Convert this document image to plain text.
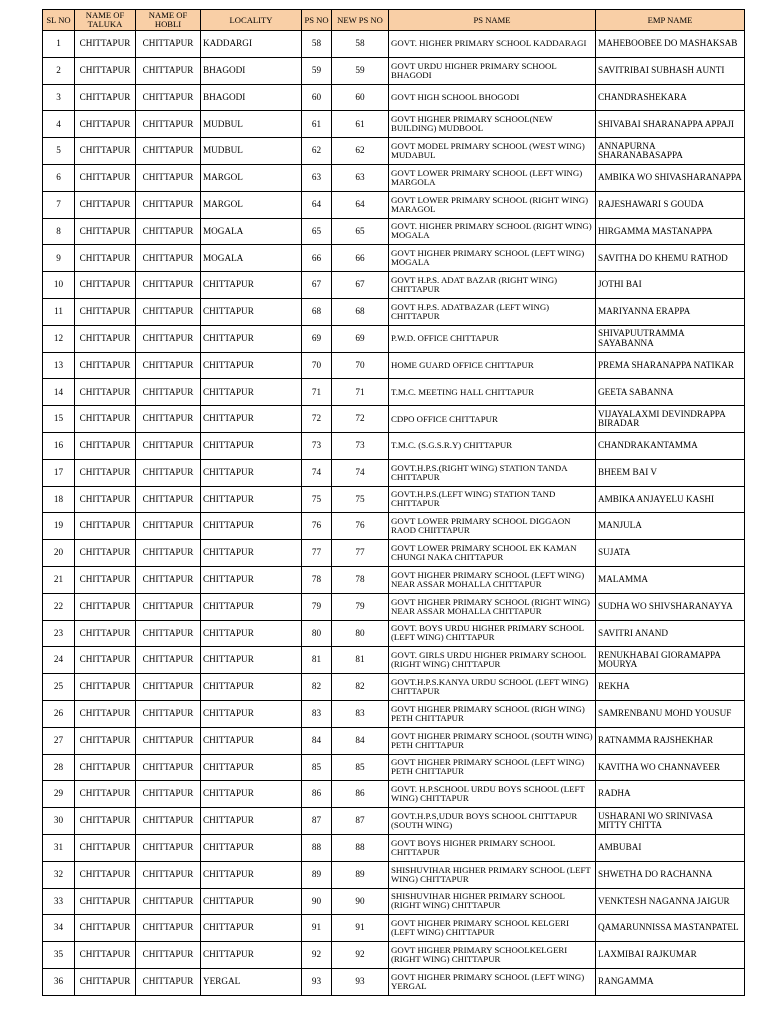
SL NO	NAME OF TALUKA	NAME OF HOBLI	LOCALITY	PS NO	NEW PS NO	PS NAME	EMP NAME
1	CHITTAPUR	CHITTAPUR	KADDARGI	58	58	GOVT. HIGHER PRIMARY SCHOOL KADDARAGI	MAHEBOOBEE DO MASHAKSAB
2	CHITTAPUR	CHITTAPUR	BHAGODI	59	59	GOVT URDU HIGHER PRIMARY SCHOOL BHAGODI	SAVITRIBAI SUBHASH AUNTI
3	CHITTAPUR	CHITTAPUR	BHAGODI	60	60	GOVT HIGH SCHOOL BHOGODI	CHANDRASHEKARA
4	CHITTAPUR	CHITTAPUR	MUDBUL	61	61	GOVT HIGHER PRIMARY SCHOOL(NEW BUILDING) MUDBOOL	SHIVABAI SHARANAPPA APPAJI
5	CHITTAPUR	CHITTAPUR	MUDBUL	62	62	GOVT MODEL PRIMARY SCHOOL (WEST WING) MUDABUL	ANNAPURNA SHARANABASAPPA
6	CHITTAPUR	CHITTAPUR	MARGOL	63	63	GOVT LOWER PRIMARY SCHOOL (LEFT WING) MARGOLA	AMBIKA WO SHIVASHARANAPPA
7	CHITTAPUR	CHITTAPUR	MARGOL	64	64	GOVT LOWER PRIMARY SCHOOL (RIGHT WING) MARAGOL	RAJESHAWARI S GOUDA
8	CHITTAPUR	CHITTAPUR	MOGALA	65	65	GOVT. HIGHER PRIMARY SCHOOL (RIGHT WING) MOGALA	HIRGAMMA MASTANAPPA
9	CHITTAPUR	CHITTAPUR	MOGALA	66	66	GOVT HIGHER PRIMARY SCHOOL (LEFT WING) MOGALA	SAVITHA DO KHEMU RATHOD
10	CHITTAPUR	CHITTAPUR	CHITTAPUR	67	67	GOVT H.P.S. ADAT BAZAR (RIGHT WING) CHITTAPUR	JOTHI BAI
11	CHITTAPUR	CHITTAPUR	CHITTAPUR	68	68	GOVT H.P.S. ADATBAZAR (LEFT WING) CHITTAPUR	MARIYANNA ERAPPA
12	CHITTAPUR	CHITTAPUR	CHITTAPUR	69	69	P.W.D. OFFICE CHITTAPUR	SHIVAPUUTRAMMA SAYABANNA
13	CHITTAPUR	CHITTAPUR	CHITTAPUR	70	70	HOME GUARD OFFICE CHITTAPUR	PREMA SHARANAPPA NATIKAR
14	CHITTAPUR	CHITTAPUR	CHITTAPUR	71	71	T.M.C. MEETING HALL CHITTAPUR	GEETA SABANNA
15	CHITTAPUR	CHITTAPUR	CHITTAPUR	72	72	CDPO OFFICE CHITTAPUR	VIJAYALAXMI DEVINDRAPPA BIRADAR
16	CHITTAPUR	CHITTAPUR	CHITTAPUR	73	73	T.M.C. (S.G.S.R.Y) CHITTAPUR	CHANDRAKANTAMMA
17	CHITTAPUR	CHITTAPUR	CHITTAPUR	74	74	GOVT.H.P.S.(RIGHT WING) STATION TANDA CHITTAPUR	BHEEM BAI V
18	CHITTAPUR	CHITTAPUR	CHITTAPUR	75	75	GOVT.H.P.S.(LEFT WING) STATION TAND CHITTAPUR	AMBIKA ANJAYELU KASHI
19	CHITTAPUR	CHITTAPUR	CHITTAPUR	76	76	GOVT LOWER PRIMARY SCHOOL DIGGAON RAOD CHIITTAPUR	MANJULA
20	CHITTAPUR	CHITTAPUR	CHITTAPUR	77	77	GOVT LOWER PRIMARY SCHOOL EK KAMAN CHUNGI NAKA CHITTAPUR	SUJATA
21	CHITTAPUR	CHITTAPUR	CHITTAPUR	78	78	GOVT HIGHER PRIMARY SCHOOL (LEFT WING) NEAR ASSAR MOHALLA CHITTAPUR	MALAMMA
22	CHITTAPUR	CHITTAPUR	CHITTAPUR	79	79	GOVT HIGHER PRIMARY SCHOOL (RIGHT WING) NEAR ASSAR MOHALLA CHITTAPUR	SUDHA WO SHIVSHARANAYYA
23	CHITTAPUR	CHITTAPUR	CHITTAPUR	80	80	GOVT. BOYS URDU HIGHER PRIMARY SCHOOL (LEFT WING) CHITTAPUR	SAVITRI ANAND
24	CHITTAPUR	CHITTAPUR	CHITTAPUR	81	81	GOVT. GIRLS URDU HIGHER PRIMARY SCHOOL (RIGHT WING) CHITTAPUR	RENUKHABAI GIORAMAPPA MOURYA
25	CHITTAPUR	CHITTAPUR	CHITTAPUR	82	82	GOVT.H.P.S.KANYA URDU SCHOOL (LEFT WING) CHITTAPUR	REKHA
26	CHITTAPUR	CHITTAPUR	CHITTAPUR	83	83	GOVT HIGHER PRIMARY SCHOOL (RIGH WING) PETH CHITTAPUR	SAMRENBANU MOHD YOUSUF
27	CHITTAPUR	CHITTAPUR	CHITTAPUR	84	84	GOVT HIGHER PRIMARY SCHOOL (SOUTH WING) PETH CHITTAPUR	RATNAMMA RAJSHEKHAR
28	CHITTAPUR	CHITTAPUR	CHITTAPUR	85	85	GOVT HIGHER PRIMARY SCHOOL (LEFT WING) PETH CHITTAPUR	KAVITHA WO CHANNAVEER
29	CHITTAPUR	CHITTAPUR	CHITTAPUR	86	86	GOVT. H.P.SCHOOL URDU BOYS SCHOOL (LEFT WING) CHITTAPUR	RADHA
30	CHITTAPUR	CHITTAPUR	CHITTAPUR	87	87	GOVT.H.P.S,UDUR BOYS SCHOOL CHITTAPUR (SOUTH WING)	USHARANI WO SRINIVASA MITTY CHITTA
31	CHITTAPUR	CHITTAPUR	CHITTAPUR	88	88	GOVT BOYS HIGHER PRIMARY SCHOOL CHITTAPUR	AMBUBAI
32	CHITTAPUR	CHITTAPUR	CHITTAPUR	89	89	SHISHUVIHAR HIGHER PRIMARY SCHOOL (LEFT WING) CHITTAPUR	SHWETHA DO RACHANNA
33	CHITTAPUR	CHITTAPUR	CHITTAPUR	90	90	SHISHUVIHAR HIGHER PRIMARY SCHOOL (RIGHT WING) CHITTAPUR	VENKTESH NAGANNA JAIGUR
34	CHITTAPUR	CHITTAPUR	CHITTAPUR	91	91	GOVT HIGHER PRIMARY SCHOOL KELGERI (LEFT WING) CHITTAPUR	QAMARUNNISSA MASTANPATEL
35	CHITTAPUR	CHITTAPUR	CHITTAPUR	92	92	GOVT HIGHER PRIMARY SCHOOLKELGERI (RIGHT WING) CHITTAPUR	LAXMIBAI RAJKUMAR
36	CHITTAPUR	CHITTAPUR	YERGAL	93	93	GOVT HIGHER PRIMARY SCHOOL (LEFT WING) YERGAL	RANGAMMA
